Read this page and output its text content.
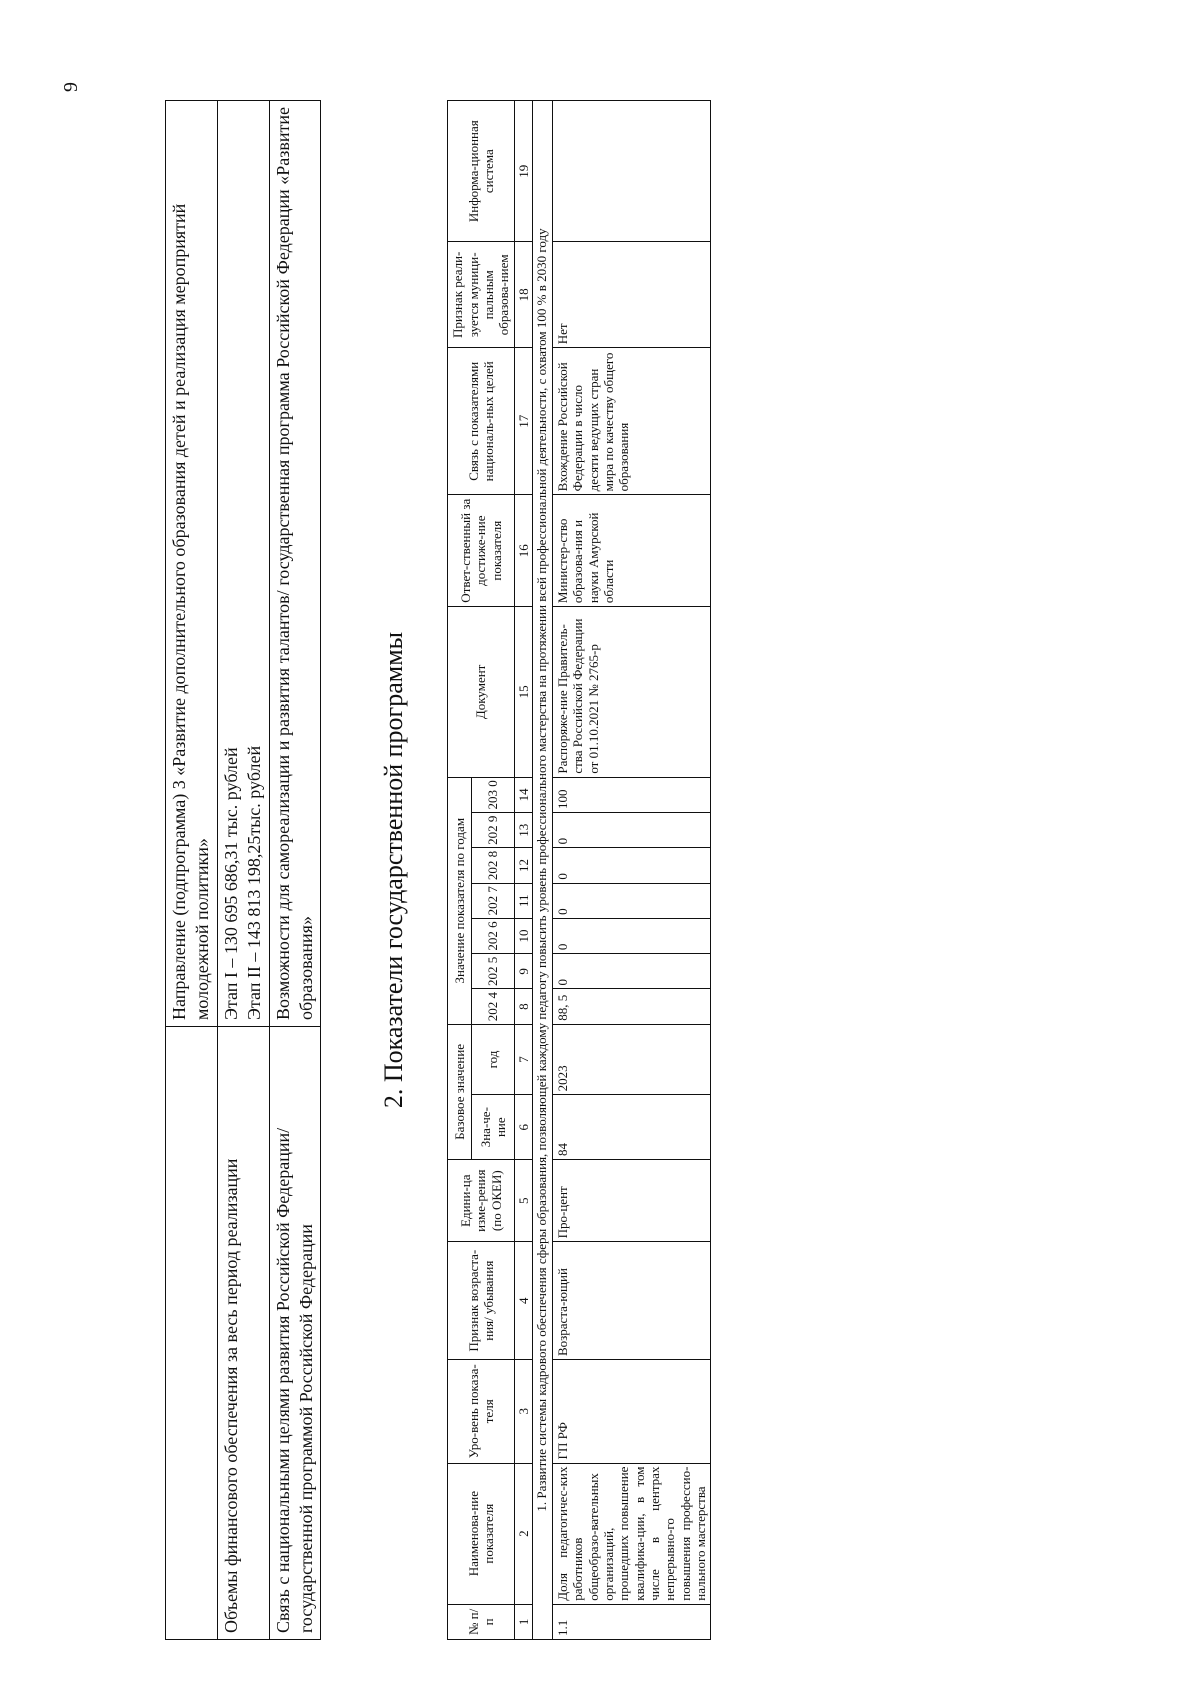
9
	Направление (подпрограмма) 3 «Развитие дополнительного образования детей и реализация мероприятий молодежной политики»
Объемы финансового обеспечения за весь период реализации	Этап I – 130 695 686,31 тыс. рублей Этап II – 143 813 198,25тыс. рублей

Связь с национальными целями развития Российской Федерации/ государственной программой Российской Федерации	Возможности для самореализации и развития талантов/ государственная программа Российской Федерации «Развитие образования» 2. Показатели государственной программы
№ п/п	Наименова-ние показателя	Уро-вень показа-теля	Признак возраста-ния/ убывания	Едини-ца изме-рения (по ОКЕИ)	Базовое значение		Значение показателя по годам							Документ	Ответ-ственный за достиже-ние показателя	Связь с показателями националь-ных целей	Признак реали-зуется муници-пальным образова-нием	Информа-ционная система
					Зна-че-ние	год	202 4	202 5	202 6	202 7	202 8	202 9	203 0					
1	2	3	4	5	6	7	8	9	10	11	12	13	14	15	16	17	18	19
1. Развитие системы кадрового обеспечения сферы образования, позволяющей каждому педагогу повысить уровень профессионального мастерства на протяжении всей профессиональной деятельности, с охватом 100 % в 2030 году																		
1.1	Доля педагогичес-ких работников общеобразо-вательных организаций, прошедших повышение квалифика-ции, в том числе в центрах непрерывно-го повышения профессио-нального мастерства	ГП РФ	Возраста-ющий	Про-цент	84	2023	88, 5	0	0	0	0	0	100	Распоряже-ние Правитель-ства Российской Федерации от 01.10.2021 № 2765-р	Министер-ство образова-ния и науки Амурской области	Вхождение Российской Федерации в число десяти ведущих стран мира по качеству общего образования	Нет	
